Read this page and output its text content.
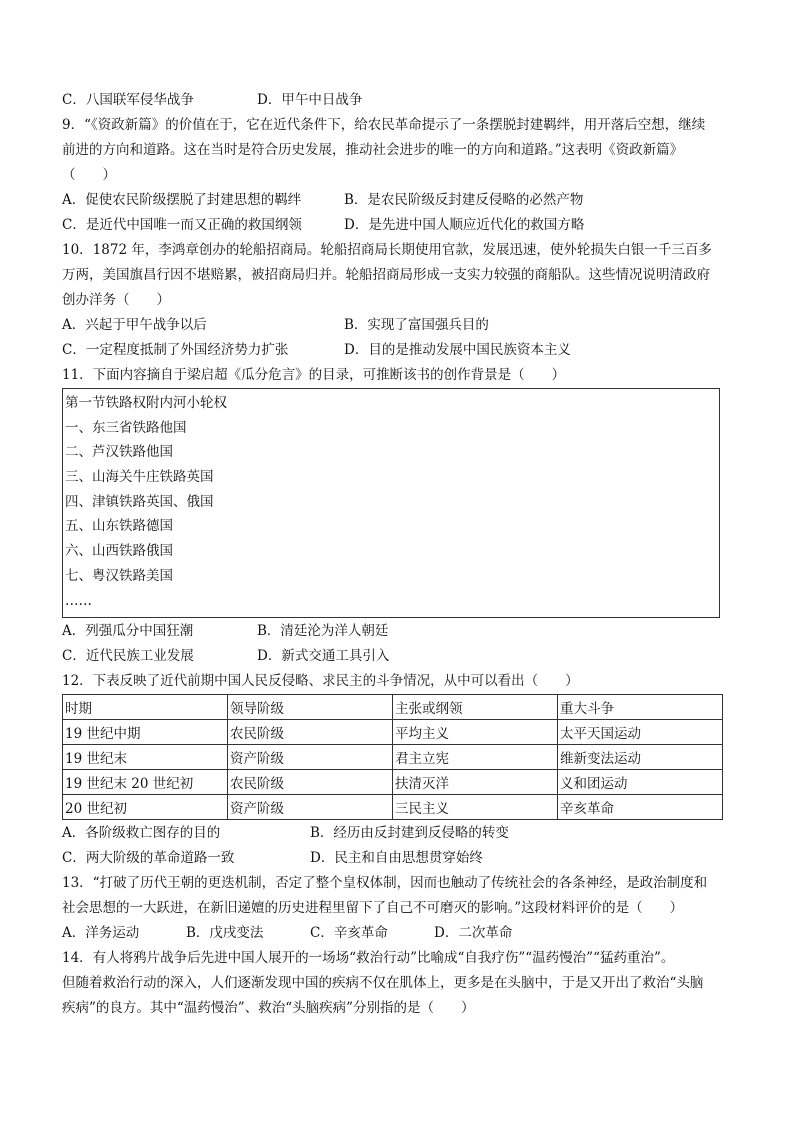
C．八国联军侵华战争	D．甲午中日战争
9．“《资政新篇》的价值在于，它在近代条件下，给农民革命提示了一条摆脱封建羁绊，用开落后空想，继续
前进的方向和道路。这在当时是符合历史发展，推动社会进步的唯一的方向和道路。”这表明《资政新篇》
（　　）
A．促使农民阶级摆脱了封建思想的羁绊	B．是农民阶级反封建反侵略的必然产物
C．是近代中国唯一而又正确的救国纲领	D．是先进中国人顺应近代化的救国方略
10．1872 年，李鸿章创办的轮船招商局。轮船招商局长期使用官款，发展迅速，使外轮损失白银一千三百多
万两，美国旗昌行因不堪赔累，被招商局归并。轮船招商局形成一支实力较强的商船队。这些情况说明清政府
创办洋务（　　）
A．兴起于甲午战争以后	B．实现了富国强兵目的
C．一定程度抵制了外国经济势力扩张	D．目的是推动发展中国民族资本主义
11．下面内容摘自于梁启超《瓜分危言》的目录，可推断该书的创作背景是（　　）
第一节铁路权附内河小轮权
一、东三省铁路他国
二、芦汉铁路他国
三、山海关牛庄铁路英国
四、津镇铁路英国、俄国
五、山东铁路德国
六、山西铁路俄国
七、粤汉铁路美国
……
A．列强瓜分中国狂潮	B．清廷沦为洋人朝廷
C．近代民族工业发展	D．新式交通工具引入
12．下表反映了近代前期中国人民反侵略、求民主的斗争情况，从中可以看出（　　）
时期	领导阶级	主张或纲领	重大斗争
19 世纪中期	农民阶级	平均主义	太平天国运动
19 世纪末	资产阶级	君主立宪	维新变法运动
19 世纪末 20 世纪初	农民阶级	扶清灭洋	义和团运动
20 世纪初	资产阶级	三民主义	辛亥革命
A．各阶级救亡图存的目的	B．经历由反封建到反侵略的转变
C．两大阶级的革命道路一致	D．民主和自由思想贯穿始终
13．“打破了历代王朝的更迭机制，否定了整个皇权体制，因而也触动了传统社会的各条神经，是政治制度和
社会思想的一大跃进，在新旧递嬗的历史进程里留下了自己不可磨灭的影响。”这段材料评价的是（　　）
A．洋务运动	B．戊戌变法	C．辛亥革命	D．二次革命
14．有人将鸦片战争后先进中国人展开的一场场“救治行动”比喻成“自我疗伤”“温药慢治”“猛药重治”。
但随着救治行动的深入，人们逐渐发现中国的疾病不仅在肌体上，更多是在头脑中，于是又开出了救治“头脑
疾病”的良方。其中“温药慢治”、救治“头脑疾病”分别指的是（　　）
